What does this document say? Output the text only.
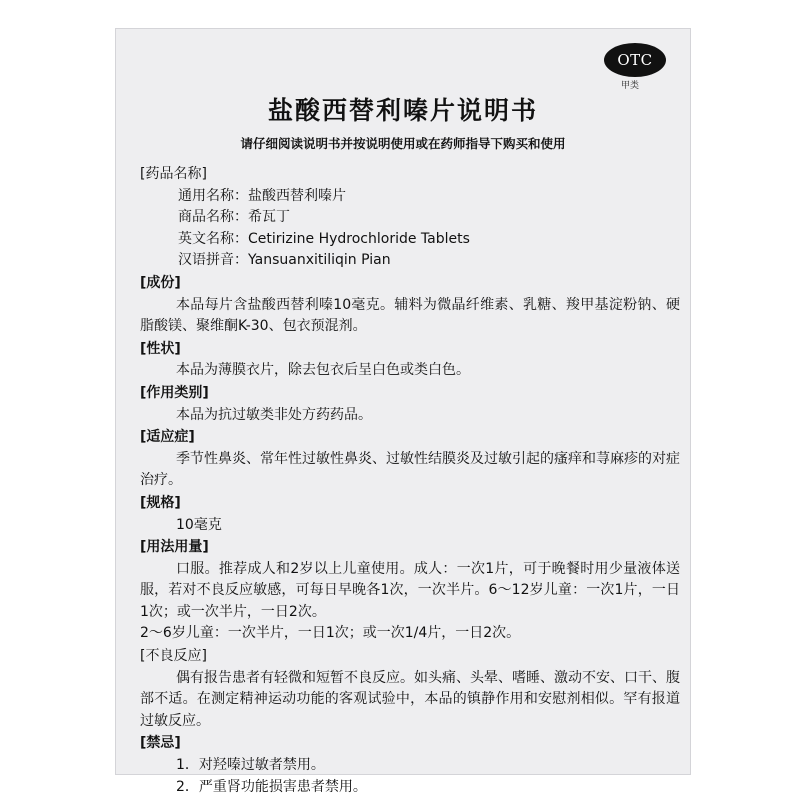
OTC
甲类
盐酸西替利嗪片说明书
请仔细阅读说明书并按说明使用或在药师指导下购买和使用
[药品名称]
通用名称：盐酸西替利嗪片
商品名称：希瓦丁
英文名称：Cetirizine Hydrochloride Tablets
汉语拼音：Yansuanxitiliqin Pian
[成份]
本品每片含盐酸西替利嗪10毫克。辅料为微晶纤维素、乳糖、羧甲基淀粉钠、硬脂酸镁、聚维酮K-30、包衣预混剂。
[性状]
本品为薄膜衣片，除去包衣后呈白色或类白色。
[作用类别]
本品为抗过敏类非处方药药品。
[适应症]
季节性鼻炎、常年性过敏性鼻炎、过敏性结膜炎及过敏引起的瘙痒和荨麻疹的对症治疗。
[规格]
10毫克
[用法用量]
口服。推荐成人和2岁以上儿童使用。成人：一次1片，可于晚餐时用少量液体送服，若对不良反应敏感，可每日早晚各1次，一次半片。6～12岁儿童：一次1片，一日1次；或一次半片，一日2次。
2～6岁儿童：一次半片，一日1次；或一次1/4片，一日2次。
[不良反应]
偶有报告患者有轻微和短暂不良反应。如头痛、头晕、嗜睡、激动不安、口干、腹部不适。在测定精神运动功能的客观试验中，本品的镇静作用和安慰剂相似。罕有报道过敏反应。
[禁忌]
1．对羟嗪过敏者禁用。
2．严重肾功能损害患者禁用。
